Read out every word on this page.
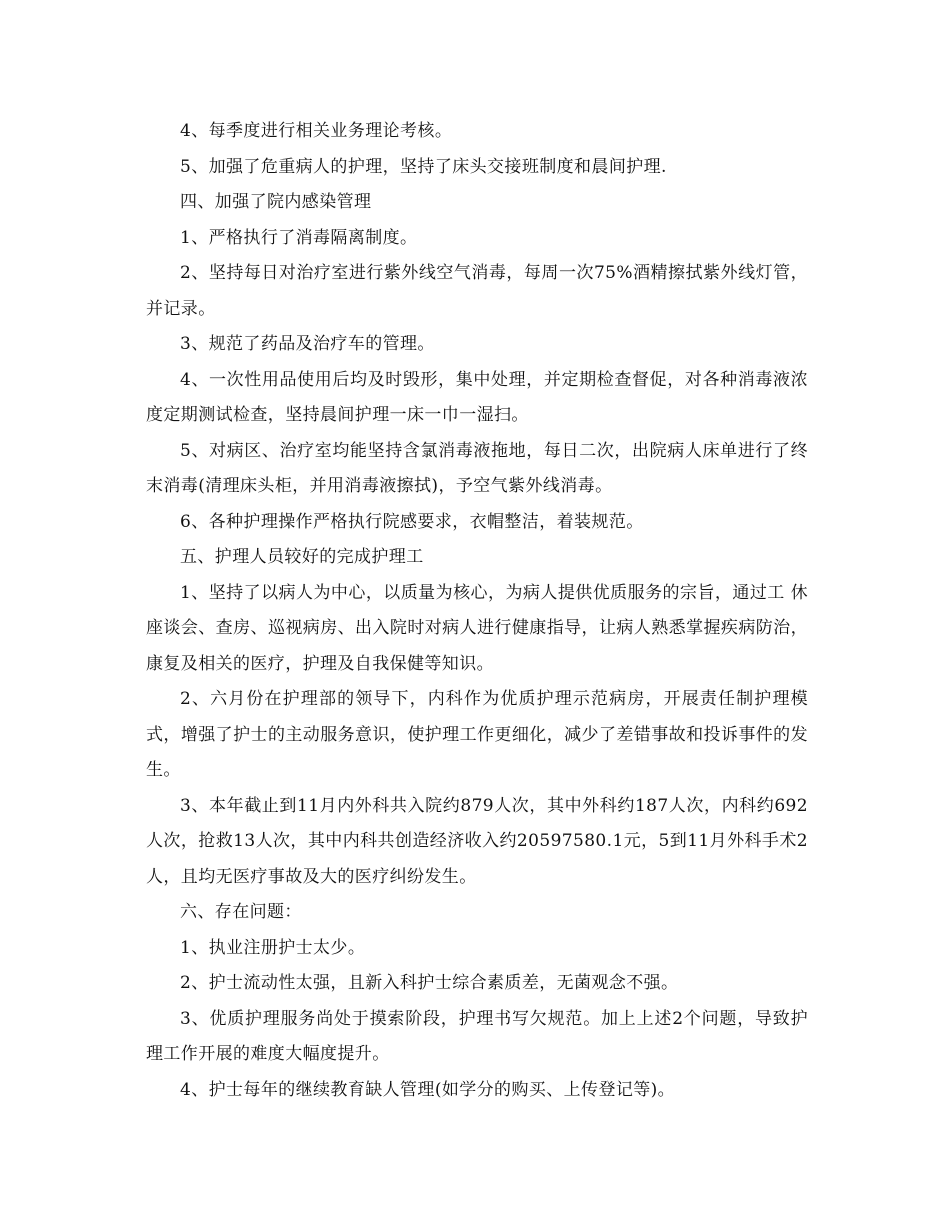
4、每季度进行相关业务理论考核。

5、加强了危重病人的护理，坚持了床头交接班制度和晨间护理.

四、加强了院内感染管理

1、严格执行了消毒隔离制度。

2、坚持每日对治疗室进行紫外线空气消毒，每周一次75%酒精擦拭紫外线灯管，并记录。

3、规范了药品及治疗车的管理。

4、一次性用品使用后均及时毁形，集中处理，并定期检查督促，对各种消毒液浓度定期测试检查，坚持晨间护理一床一巾一湿扫。

5、对病区、治疗室均能坚持含氯消毒液拖地，每日二次，出院病人床单进行了终末消毒(清理床头柜，并用消毒液擦拭)，予空气紫外线消毒。

6、各种护理操作严格执行院感要求，衣帽整洁，着装规范。

五、护理人员较好的完成护理工

1、坚持了以病人为中心，以质量为核心，为病人提供优质服务的宗旨，通过工 休座谈会、查房、巡视病房、出入院时对病人进行健康指导，让病人熟悉掌握疾病防治，康复及相关的医疗，护理及自我保健等知识。

2、六月份在护理部的领导下，内科作为优质护理示范病房，开展责任制护理模式，增强了护士的主动服务意识，使护理工作更细化，减少了差错事故和投诉事件的发生。

3、本年截止到11月内外科共入院约879人次，其中外科约187人次，内科约692人次，抢救13人次，其中内科共创造经济收入约20597580.1元，5到11月外科手术2人，且均无医疗事故及大的医疗纠纷发生。

六、存在问题：

1、执业注册护士太少。

2、护士流动性太强，且新入科护士综合素质差，无菌观念不强。

3、优质护理服务尚处于摸索阶段，护理书写欠规范。加上上述2个问题，导致护理工作开展的难度大幅度提升。

4、护士每年的继续教育缺人管理(如学分的购买、上传登记等)。
